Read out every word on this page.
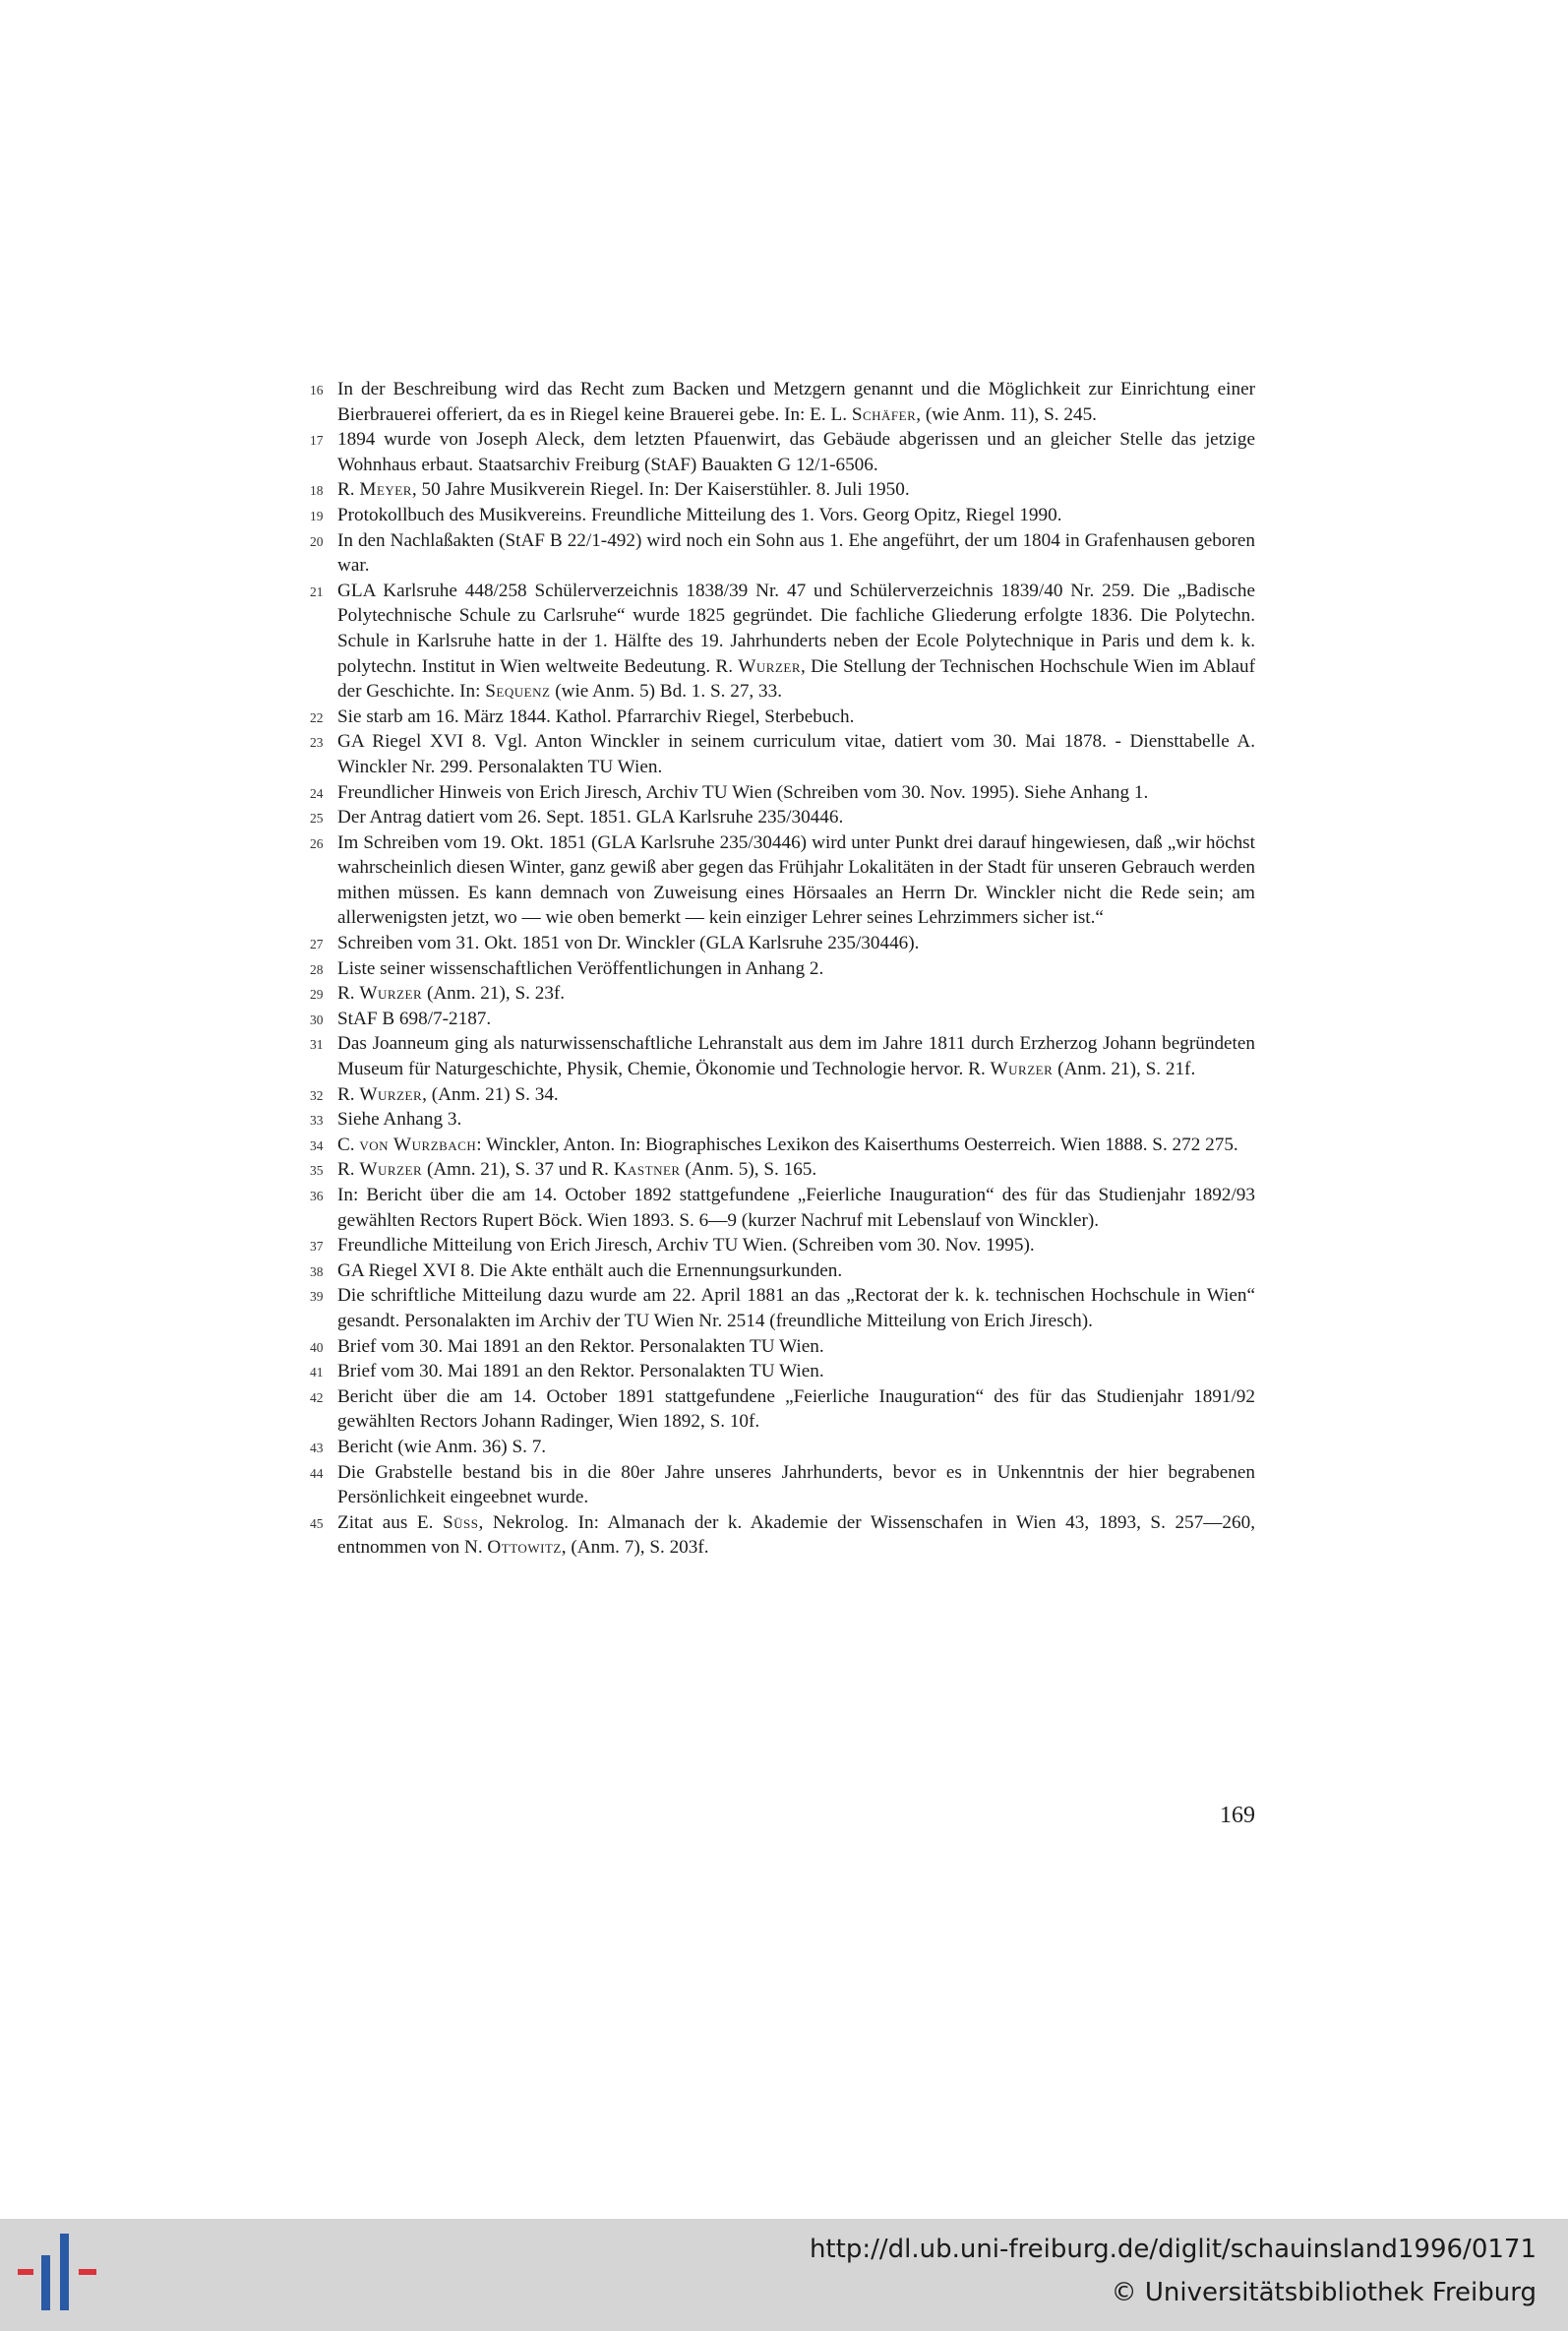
16 In der Beschreibung wird das Recht zum Backen und Metzgern genannt und die Möglichkeit zur Einrichtung einer Bierbrauerei offeriert, da es in Riegel keine Brauerei gebe. In: E. L. Schäfer, (wie Anm. 11), S. 245.
17 1894 wurde von Joseph Aleck, dem letzten Pfauenwirt, das Gebäude abgerissen und an gleicher Stelle das jetzige Wohnhaus erbaut. Staatsarchiv Freiburg (StAF) Bauakten G 12/1-6506.
18 R. Meyer, 50 Jahre Musikverein Riegel. In: Der Kaiserstühler. 8. Juli 1950.
19 Protokollbuch des Musikvereins. Freundliche Mitteilung des 1. Vors. Georg Opitz, Riegel 1990.
20 In den Nachlaßakten (StAF B 22/1-492) wird noch ein Sohn aus 1. Ehe angeführt, der um 1804 in Grafenhausen geboren war.
21 GLA Karlsruhe 448/258 Schülerverzeichnis 1838/39 Nr. 47 und Schülerverzeichnis 1839/40 Nr. 259. Die „Badische Polytechnische Schule zu Carlsruhe“ wurde 1825 gegründet. Die fachliche Gliederung erfolgte 1836. Die Polytechn. Schule in Karlsruhe hatte in der 1. Hälfte des 19. Jahrhunderts neben der Ecole Polytechnique in Paris und dem k. k. polytechn. Institut in Wien weltweite Bedeutung. R. Wurzer, Die Stellung der Technischen Hochschule Wien im Ablauf der Geschichte. In: Sequenz (wie Anm. 5) Bd. 1. S. 27, 33.
22 Sie starb am 16. März 1844. Kathol. Pfarrarchiv Riegel, Sterbebuch.
23 GA Riegel XVI 8. Vgl. Anton Winckler in seinem curriculum vitae, datiert vom 30. Mai 1878. - Diensttabelle A. Winckler Nr. 299. Personalakten TU Wien.
24 Freundlicher Hinweis von Erich Jiresch, Archiv TU Wien (Schreiben vom 30. Nov. 1995). Siehe Anhang 1.
25 Der Antrag datiert vom 26. Sept. 1851. GLA Karlsruhe 235/30446.
26 Im Schreiben vom 19. Okt. 1851 (GLA Karlsruhe 235/30446) wird unter Punkt drei darauf hingewiesen, daß „wir höchst wahrscheinlich diesen Winter, ganz gewiß aber gegen das Frühjahr Lokalitäten in der Stadt für unseren Gebrauch werden mithen müssen. Es kann demnach von Zuweisung eines Hörsaales an Herrn Dr. Winckler nicht die Rede sein; am allerwenigsten jetzt, wo — wie oben bemerkt — kein einziger Lehrer seines Lehrzimmers sicher ist.“
27 Schreiben vom 31. Okt. 1851 von Dr. Winckler (GLA Karlsruhe 235/30446).
28 Liste seiner wissenschaftlichen Veröffentlichungen in Anhang 2.
29 R. Wurzer (Anm. 21), S. 23f.
30 StAF B 698/7-2187.
31 Das Joanneum ging als naturwissenschaftliche Lehranstalt aus dem im Jahre 1811 durch Erzherzog Johann begründeten Museum für Naturgeschichte, Physik, Chemie, Ökonomie und Technologie hervor. R. Wurzer (Anm. 21), S. 21f.
32 R. Wurzer, (Anm. 21) S. 34.
33 Siehe Anhang 3.
34 C. von Wurzbach: Winckler, Anton. In: Biographisches Lexikon des Kaiserthums Oesterreich. Wien 1888. S. 272 275.
35 R. Wurzer (Amn. 21), S. 37 und R. Kastner (Anm. 5), S. 165.
36 In: Bericht über die am 14. October 1892 stattgefundene „Feierliche Inauguration“ des für das Studienjahr 1892/93 gewählten Rectors Rupert Böck. Wien 1893. S. 6—9 (kurzer Nachruf mit Lebenslauf von Winckler).
37 Freundliche Mitteilung von Erich Jiresch, Archiv TU Wien. (Schreiben vom 30. Nov. 1995).
38 GA Riegel XVI 8. Die Akte enthält auch die Ernennungsurkunden.
39 Die schriftliche Mitteilung dazu wurde am 22. April 1881 an das „Rectorat der k. k. technischen Hochschule in Wien“ gesandt. Personalakten im Archiv der TU Wien Nr. 2514 (freundliche Mitteilung von Erich Jiresch).
40 Brief vom 30. Mai 1891 an den Rektor. Personalakten TU Wien.
41 Brief vom 30. Mai 1891 an den Rektor. Personalakten TU Wien.
42 Bericht über die am 14. October 1891 stattgefundene „Feierliche Inauguration“ des für das Studienjahr 1891/92 gewählten Rectors Johann Radinger, Wien 1892, S. 10f.
43 Bericht (wie Anm. 36) S. 7.
44 Die Grabstelle bestand bis in die 80er Jahre unseres Jahrhunderts, bevor es in Unkenntnis der hier begrabenen Persönlichkeit eingeebnet wurde.
45 Zitat aus E. Süss, Nekrolog. In: Almanach der k. Akademie der Wissenschafen in Wien 43, 1893, S. 257—260, entnommen von N. Ottowitz, (Anm. 7), S. 203f.
169
http://dl.ub.uni-freiburg.de/diglit/schauinsland1996/0171
© Universitätsbibliothek Freiburg
